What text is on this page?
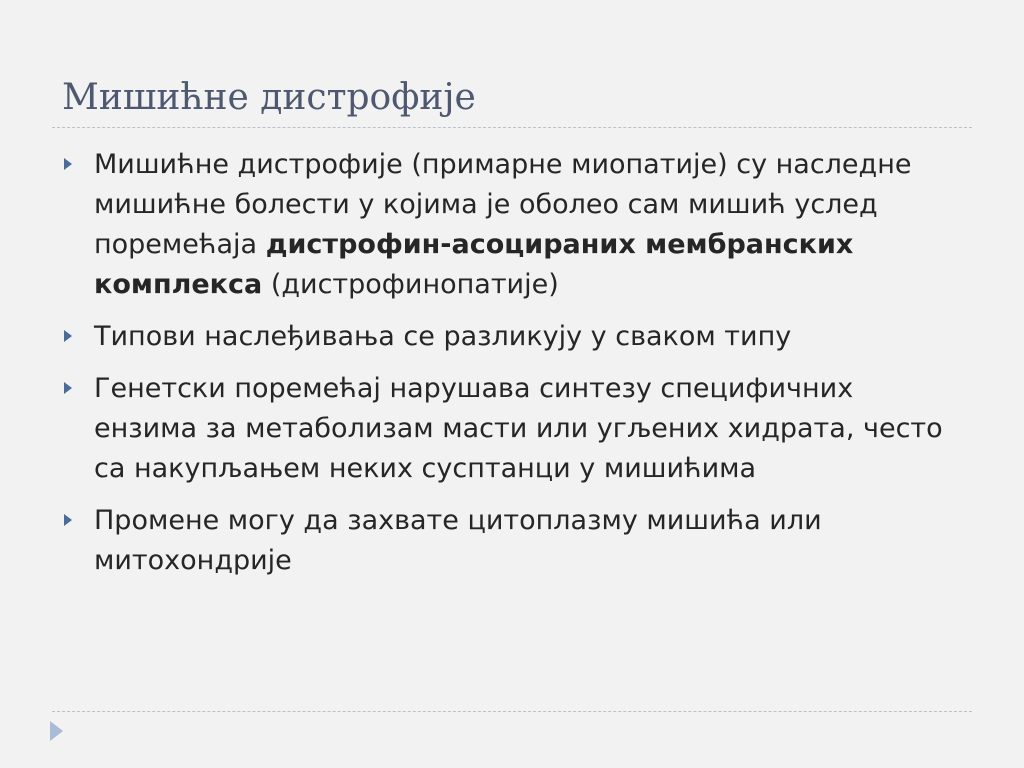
Мишићне дистрофије
Мишићне дистрофије (примарне миопатије) су наследне мишићне болести у којима је оболео сам мишић услед поремећаја дистрофин-асоцираних мембранских комплекса (дистрофинопатије)
Типови наслеђивања се разликују у сваком типу
Генетски поремећај нарушава синтезу специфичних ензима за метаболизам масти или угљених хидрата, често са накупљањем неких сусптанци у мишићима
Промене могу да захвате цитоплазму мишића или митохондрије
